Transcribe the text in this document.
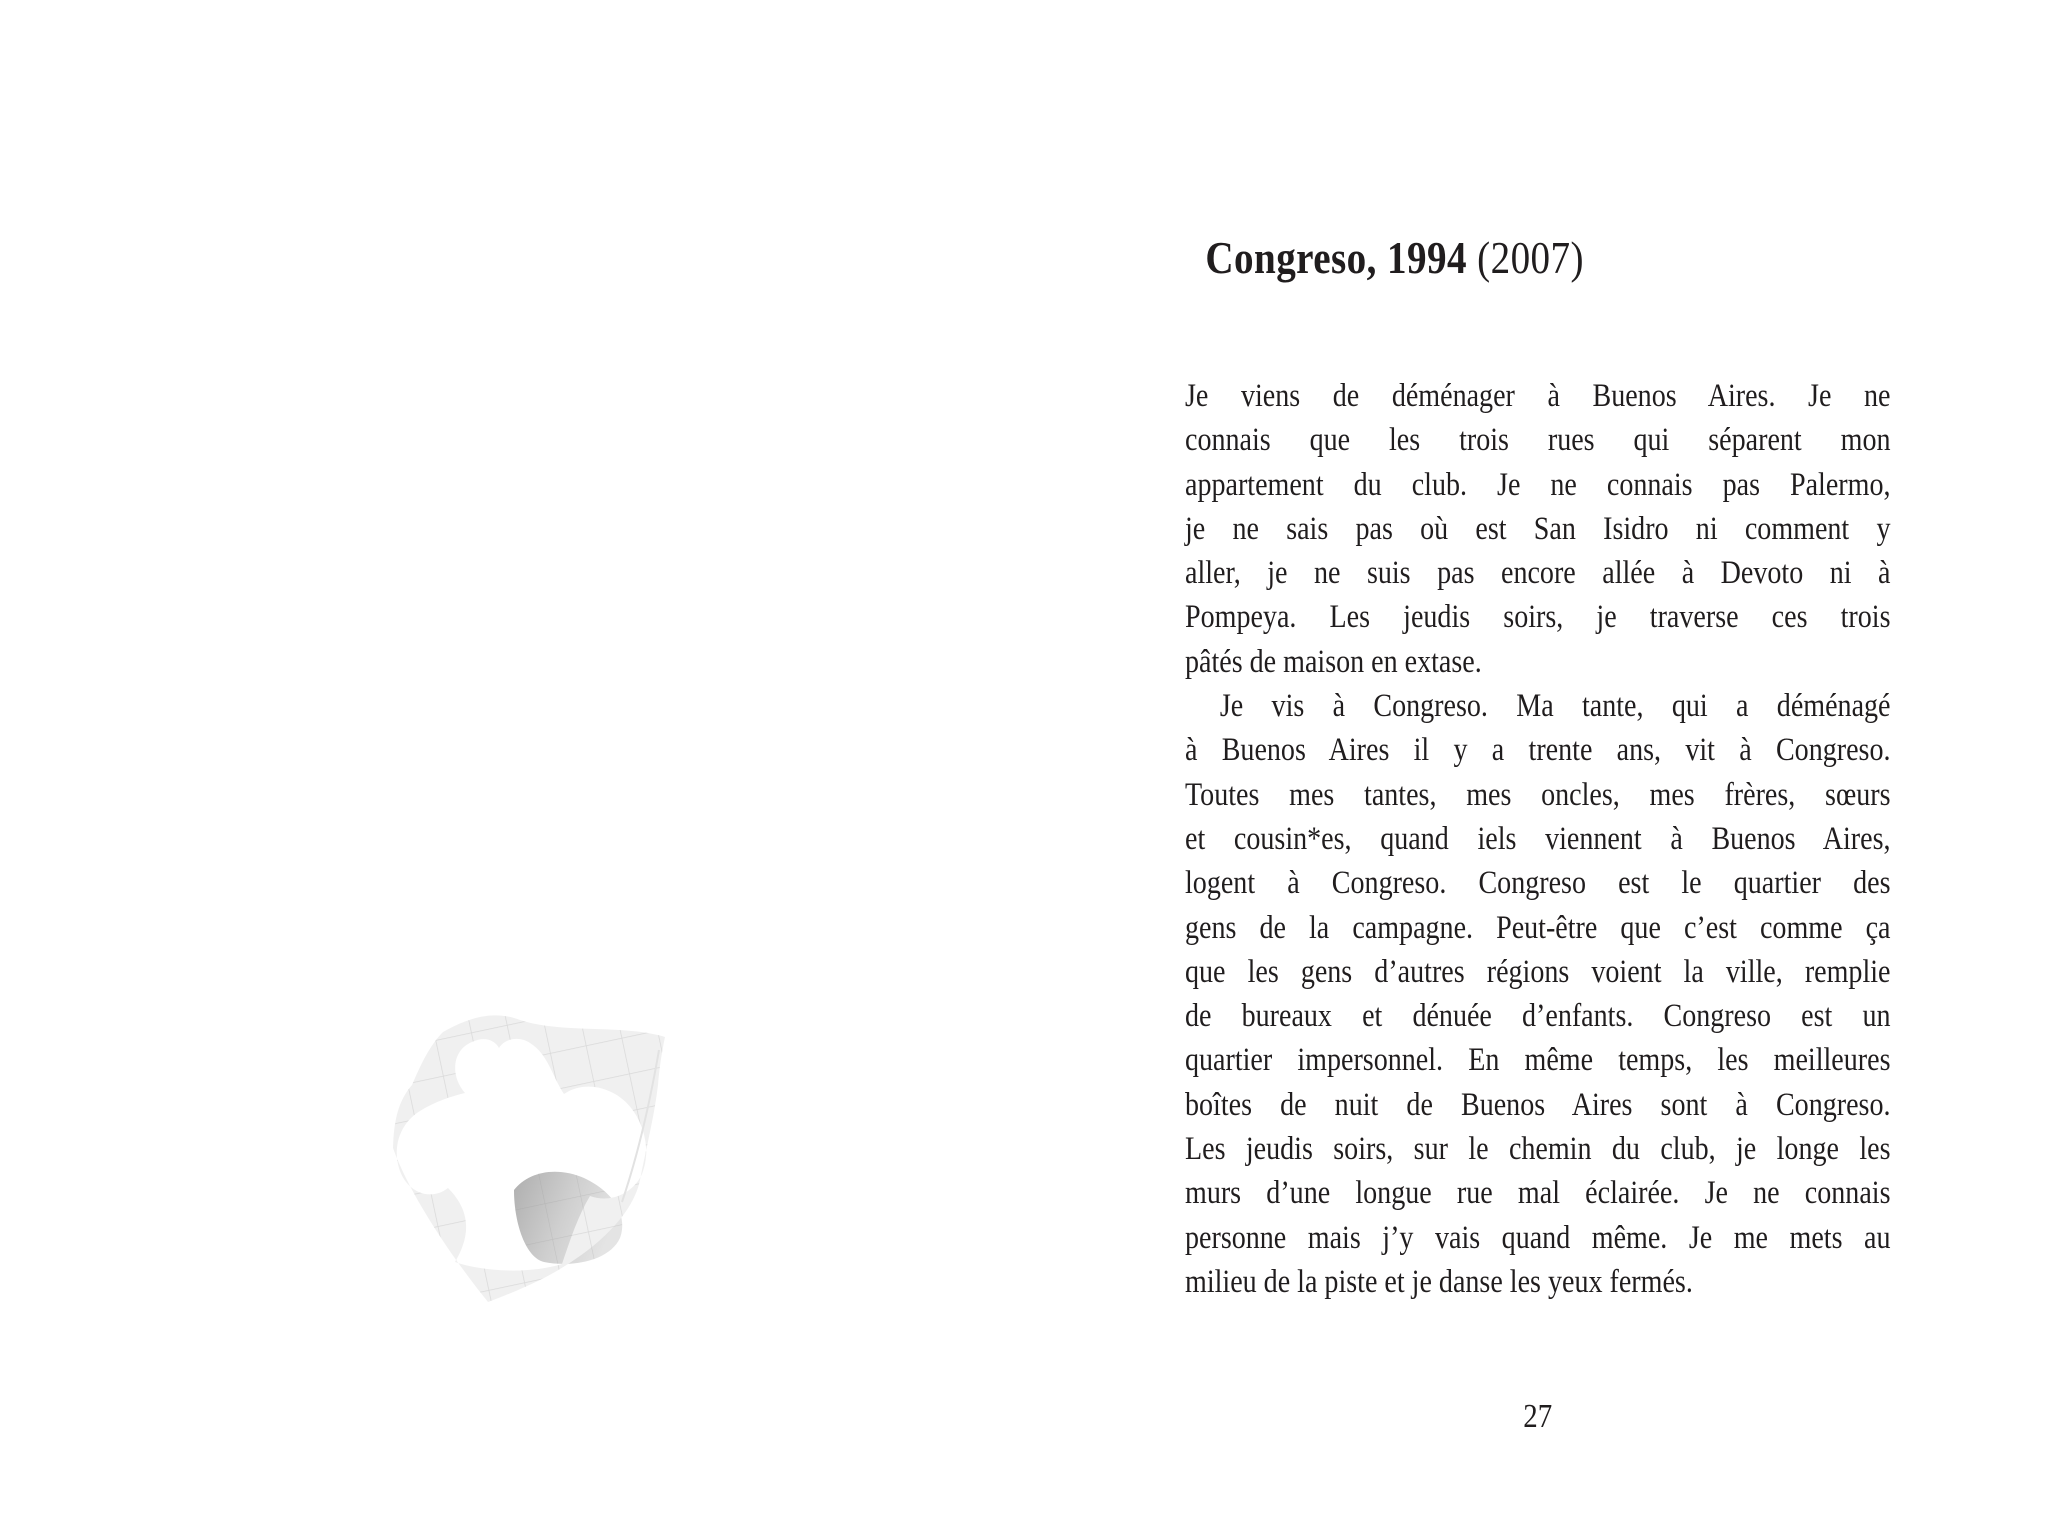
Congreso, 1994 (2007)
Je viens de déménager à Buenos Aires. Je ne
connais que les trois rues qui séparent mon
appartement du club. Je ne connais pas Palermo,
je ne sais pas où est San Isidro ni comment y
aller, je ne suis pas encore allée à Devoto ni à
Pompeya. Les jeudis soirs, je traverse ces trois
pâtés de maison en extase.
Je vis à Congreso. Ma tante, qui a déménagé
à Buenos Aires il y a trente ans, vit à Congreso.
Toutes mes tantes, mes oncles, mes frères, sœurs
et cousin*es, quand iels viennent à Buenos Aires,
logent à Congreso. Congreso est le quartier des
gens de la campagne. Peut-être que c’est comme ça
que les gens d’autres régions voient la ville, remplie
de bureaux et dénuée d’enfants. Congreso est un
quartier impersonnel. En même temps, les meilleures
boîtes de nuit de Buenos Aires sont à Congreso.
Les jeudis soirs, sur le chemin du club, je longe les
murs d’une longue rue mal éclairée. Je ne connais
personne mais j’y vais quand même. Je me mets au
milieu de la piste et je danse les yeux fermés.
27
